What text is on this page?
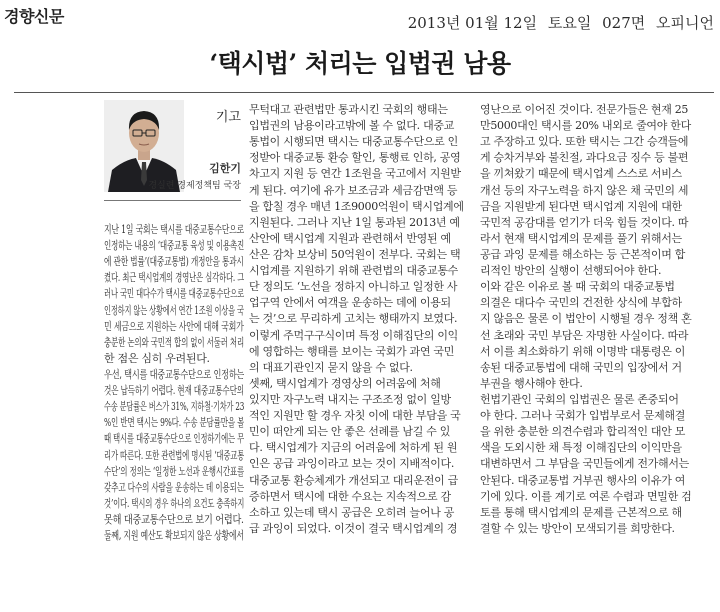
경향신문	2013년 01월 12일 토요일 027면 오피니언
‘택시법’ 처리는 입법권 남용
기고
김한기
경실련 경제정책팀 국장
지난 1일 국회는 택시를 대중교통수단으로
인정하는 내용의 ‘대중교통 육성 및 이용촉진
에 관한 법률’(대중교통법) 개정안을 통과시
켰다. 최근 택시업계의 경영난은 심각하다. 그
러나 국민 대다수가 택시를 대중교통수단으로
인정하지 않는 상황에서 연간 1조원 이상을 국
민 세금으로 지원하는 사안에 대해 국회가
충분한 논의와 국민적 합의 없이 서둘러 처리
한 점은 심히 우려된다.
우선, 택시를 대중교통수단으로 인정하는
것은 납득하기 어렵다. 현재 대중교통수단의
수송 분담률은 버스가 31%, 지하철·기차가 23
%인 반면 택시는 9%다. 수송 분담률만을 볼
때 택시를 대중교통수단으로 인정하기에는 무
리가 따른다. 또한 관련법에 명시된 ‘대중교통
수단’의 정의는 ‘일정한 노선과 운행시간표를
갖추고 다수의 사람을 운송하는 데 이용되는
것’이다. 택시의 경우 하나의 요건도 충족하지
못해 대중교통수단으로 보기 어렵다.
둘째, 지원 예산도 확보되지 않은 상황에서
무턱대고 관련법만 통과시킨 국회의 행태는
입법권의 남용이라고밖에 볼 수 없다. 대중교
통법이 시행되면 택시는 대중교통수단으로 인
정받아 대중교통 환승 할인, 통행료 인하, 공영
차고지 지원 등 연간 1조원을 국고에서 지원받
게 된다. 여기에 유가 보조금과 세금감면액 등
을 합칠 경우 매년 1조9000억원이 택시업계에
지원된다. 그러나 지난 1일 통과된 2013년 예
산안에 택시업계 지원과 관련해서 반영된 예
산은 감차 보상비 50억원이 전부다. 국회는 택
시업계를 지원하기 위해 관련법의 대중교통수
단 정의도 ‘노선을 정하지 아니하고 일정한 사
업구역 안에서 여객을 운송하는 데에 이용되
는 것’으로 무리하게 고치는 행태까지 보였다.
이렇게 주먹구구식이며 특정 이해집단의 이익
에 영합하는 행태를 보이는 국회가 과연 국민
의 대표기관인지 묻지 않을 수 없다.
셋째, 택시업계가 경영상의 어려움에 처해
있지만 자구노력 내지는 구조조정 없이 일방
적인 지원만 할 경우 자칫 이에 대한 부담을 국
민이 떠안게 되는 안 좋은 선례를 남길 수 있
다. 택시업계가 지금의 어려움에 처하게 된 원
인은 공급 과잉이라고 보는 것이 지배적이다.
대중교통 환승체계가 개선되고 대리운전이 급
증하면서 택시에 대한 수요는 지속적으로 감
소하고 있는데 택시 공급은 오히려 늘어나 공
급 과잉이 되었다. 이것이 결국 택시업계의 경
영난으로 이어진 것이다. 전문가들은 현재 25
만5000대인 택시를 20% 내외로 줄여야 한다
고 주장하고 있다. 또한 택시는 그간 승객들에
게 승차거부와 불친절, 과다요금 징수 등 불편
을 끼쳐왔기 때문에 택시업계 스스로 서비스
개선 등의 자구노력을 하지 않은 채 국민의 세
금을 지원받게 된다면 택시업계 지원에 대한
국민적 공감대를 얻기가 더욱 힘들 것이다. 따
라서 현재 택시업계의 문제를 풀기 위해서는
공급 과잉 문제를 해소하는 등 근본적이며 합
리적인 방안의 실행이 선행되어야 한다.
이와 같은 이유로 볼 때 국회의 대중교통법
의결은 대다수 국민의 건전한 상식에 부합하
지 않음은 물론 이 법안이 시행될 경우 정책 혼
선 초래와 국민 부담은 자명한 사실이다. 따라
서 이를 최소화하기 위해 이명박 대통령은 이
송된 대중교통법에 대해 국민의 입장에서 거
부권을 행사해야 한다.
헌법기관인 국회의 입법권은 물론 존중되어
야 한다. 그러나 국회가 입법부로서 문제해결
을 위한 충분한 의견수렴과 합리적인 대안 모
색을 도외시한 채 특정 이해집단의 이익만을
대변하면서 그 부담을 국민들에게 전가해서는
안된다. 대중교통법 거부권 행사의 이유가 여
기에 있다. 이를 계기로 여론 수렴과 면밀한 검
토를 통해 택시업계의 문제를 근본적으로 해
결할 수 있는 방안이 모색되기를 희망한다.
